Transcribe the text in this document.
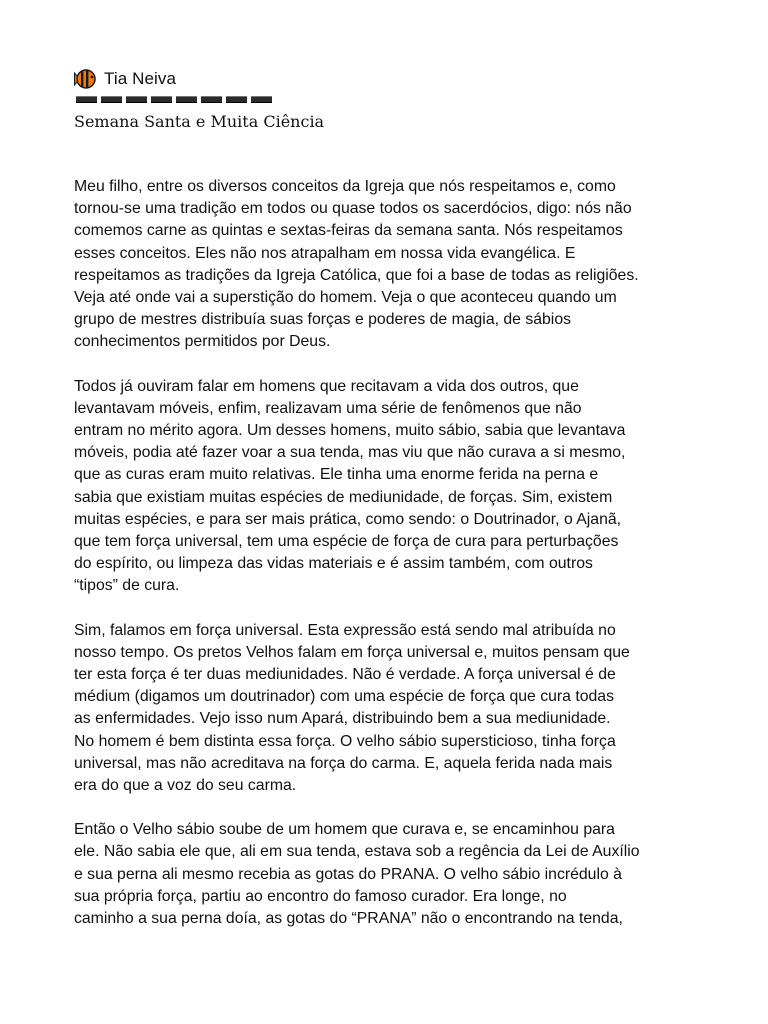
Tia Neiva
Semana Santa e Muita Ciência

Meu filho, entre os diversos conceitos da Igreja que nós respeitamos e, como
tornou-se uma tradição em todos ou quase todos os sacerdócios, digo: nós não
comemos carne as quintas e sextas-feiras da semana santa. Nós respeitamos
esses conceitos. Eles não nos atrapalham em nossa vida evangélica. E
respeitamos as tradições da Igreja Católica, que foi a base de todas as religiões.
Veja até onde vai a superstição do homem. Veja o que aconteceu quando um
grupo de mestres distribuía suas forças e poderes de magia, de sábios
conhecimentos permitidos por Deus.

Todos já ouviram falar em homens que recitavam a vida dos outros, que
levantavam móveis, enfim, realizavam uma série de fenômenos que não
entram no mérito agora. Um desses homens, muito sábio, sabia que levantava
móveis, podia até fazer voar a sua tenda, mas viu que não curava a si mesmo,
que as curas eram muito relativas. Ele tinha uma enorme ferida na perna e
sabia que existiam muitas espécies de mediunidade, de forças. Sim, existem
muitas espécies, e para ser mais prática, como sendo: o Doutrinador, o Ajanã,
que tem força universal, tem uma espécie de força de cura para perturbações
do espírito, ou limpeza das vidas materiais e é assim também, com outros
“tipos” de cura.

Sim, falamos em força universal. Esta expressão está sendo mal atribuída no
nosso tempo. Os pretos Velhos falam em força universal e, muitos pensam que
ter esta força é ter duas mediunidades. Não é verdade. A força universal é de
médium (digamos um doutrinador) com uma espécie de força que cura todas
as enfermidades. Vejo isso num Apará, distribuindo bem a sua mediunidade.
No homem é bem distinta essa força. O velho sábio supersticioso, tinha força
universal, mas não acreditava na força do carma. E, aquela ferida nada mais
era do que a voz do seu carma.

Então o Velho sábio soube de um homem que curava e, se encaminhou para
ele. Não sabia ele que, ali em sua tenda, estava sob a regência da Lei de Auxílio
e sua perna ali mesmo recebia as gotas do PRANA. O velho sábio incrédulo à
sua própria força, partiu ao encontro do famoso curador. Era longe, no
caminho a sua perna doía, as gotas do “PRANA” não o encontrando na tenda,
